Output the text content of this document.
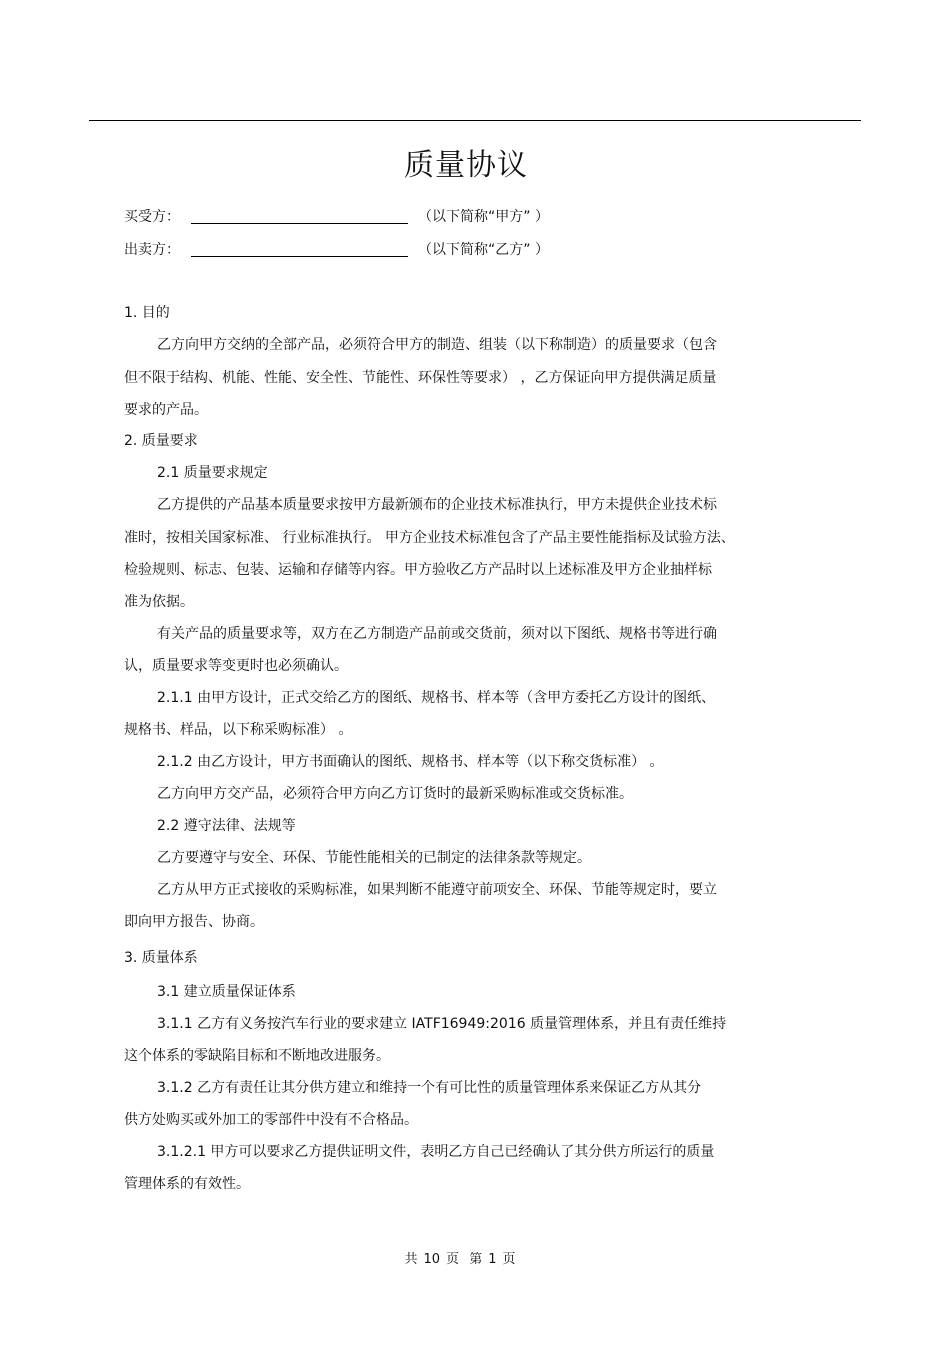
质量协议
买受方：	（以下简称“甲方” ）
出卖方：	（以下简称“乙方” ）
1. 目的
乙方向甲方交纳的全部产品，必须符合甲方的制造、组装（以下称制造）的质量要求（包含
但不限于结构、机能、性能、安全性、节能性、环保性等要求） ，乙方保证向甲方提供满足质量
要求的产品。
2. 质量要求
2.1 质量要求规定
乙方提供的产品基本质量要求按甲方最新颁布的企业技术标准执行，甲方未提供企业技术标
准时，按相关国家标准、 行业标准执行。 甲方企业技术标准包含了产品主要性能指标及试验方法、
检验规则、标志、包装、运输和存储等内容。甲方验收乙方产品时以上述标准及甲方企业抽样标
准为依据。
有关产品的质量要求等，双方在乙方制造产品前或交货前，须对以下图纸、规格书等进行确
认，质量要求等变更时也必须确认。
2.1.1 由甲方设计，正式交给乙方的图纸、规格书、样本等（含甲方委托乙方设计的图纸、
规格书、样品，以下称采购标准） 。
2.1.2 由乙方设计，甲方书面确认的图纸、规格书、样本等（以下称交货标准） 。
乙方向甲方交产品，必须符合甲方向乙方订货时的最新采购标准或交货标准。
2.2 遵守法律、法规等
乙方要遵守与安全、环保、节能性能相关的已制定的法律条款等规定。
乙方从甲方正式接收的采购标准，如果判断不能遵守前项安全、环保、节能等规定时，要立
即向甲方报告、协商。
3. 质量体系
3.1 建立质量保证体系
3.1.1 乙方有义务按汽车行业的要求建立 IATF16949:2016 质量管理体系，并且有责任维持
这个体系的零缺陷目标和不断地改进服务。
3.1.2 乙方有责任让其分供方建立和维持一个有可比性的质量管理体系来保证乙方从其分
供方处购买或外加工的零部件中没有不合格品。
3.1.2.1 甲方可以要求乙方提供证明文件，表明乙方自己已经确认了其分供方所运行的质量
管理体系的有效性。
共 10 页 第 1 页
